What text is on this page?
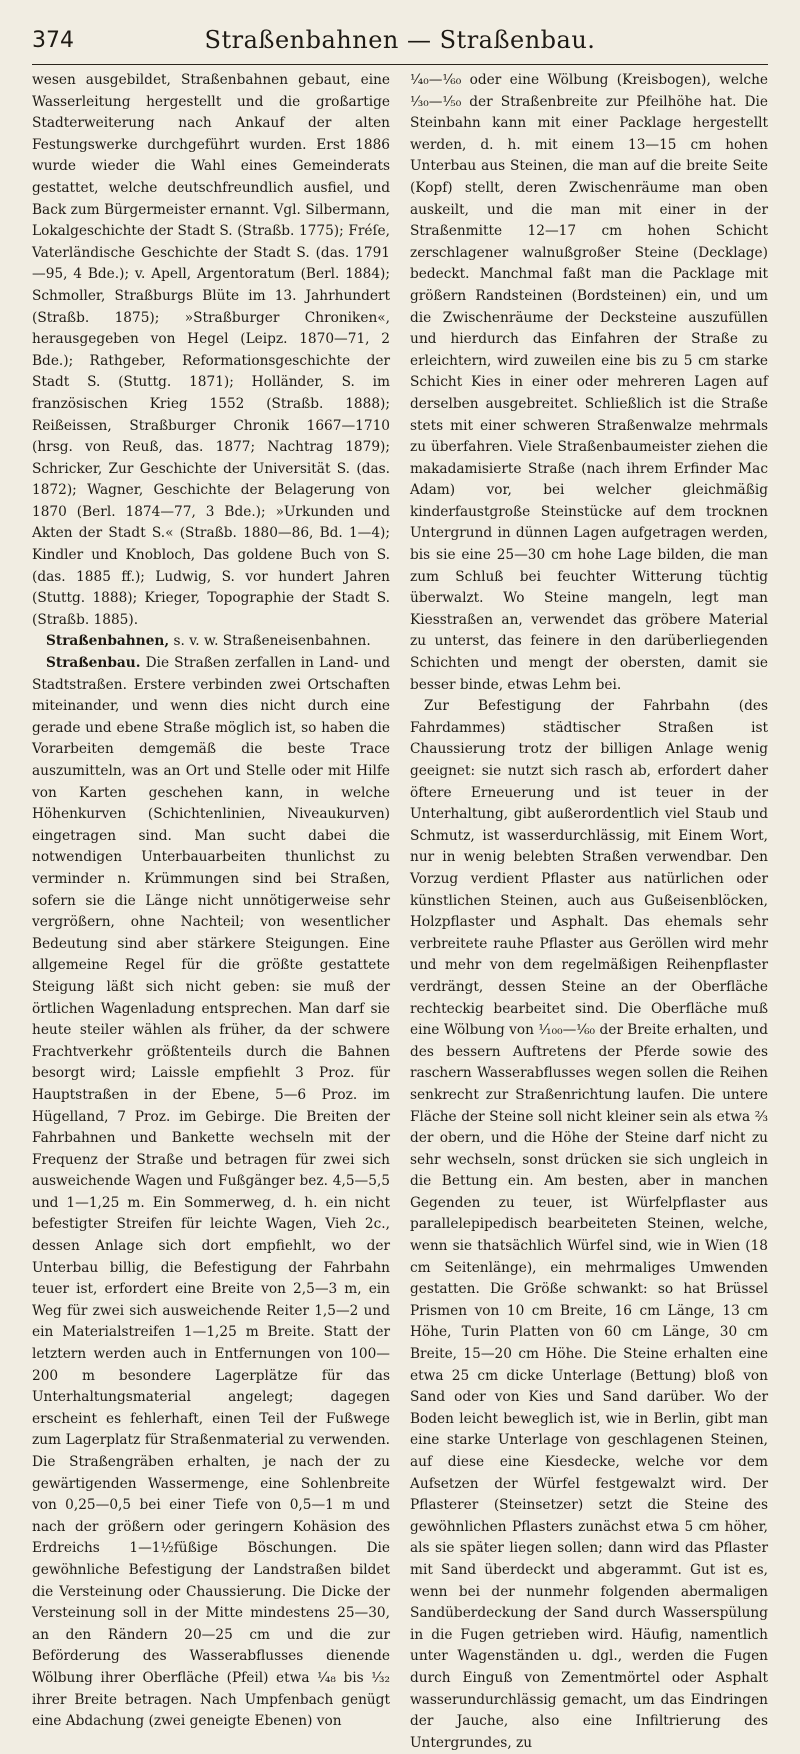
374	Straßenbahnen — Straßenbau.

wesen ausgebildet, Straßenbahnen gebaut, eine Wasserleitung hergestellt und die großartige Stadterweiterung nach Ankauf der alten Festungswerke durchgeführt wurden. Erst 1886 wurde wieder die Wahl eines Gemeinderats gestattet, welche deutschfreundlich ausfiel, und Back zum Bürgermeister ernannt. Vgl. Silbermann, Lokalgeschichte der Stadt S. (Straßb. 1775); Fréſe, Vaterländische Geschichte der Stadt S. (das. 1791—95, 4 Bde.); v. Apell, Argentoratum (Berl. 1884); Schmoller, Straßburgs Blüte im 13. Jahrhundert (Straßb. 1875); »Straßburger Chroniken«, herausgegeben von Hegel (Leipz. 1870—71, 2 Bde.); Rathgeber, Reformationsgeschichte der Stadt S. (Stuttg. 1871); Holländer, S. im französischen Krieg 1552 (Straßb. 1888); Reißeissen, Straßburger Chronik 1667—1710 (hrsg. von Reuß, das. 1877; Nachtrag 1879); Schricker, Zur Geschichte der Universität S. (das. 1872); Wagner, Geschichte der Belagerung von 1870 (Berl. 1874—77, 3 Bde.); »Urkunden und Akten der Stadt S.« (Straßb. 1880—86, Bd. 1—4); Kindler und Knobloch, Das goldene Buch von S. (das. 1885 ff.); Ludwig, S. vor hundert Jahren (Stuttg. 1888); Krieger, Topographie der Stadt S. (Straßb. 1885).

Straßenbahnen, s. v. w. Straßeneisenbahnen.

Straßenbau. Die Straßen zerfallen in Land- und Stadtstraßen. Erstere verbinden zwei Ortschaften miteinander, und wenn dies nicht durch eine gerade und ebene Straße möglich ist, so haben die Vorarbeiten demgemäß die beste Trace auszumitteln, was an Ort und Stelle oder mit Hilfe von Karten geschehen kann, in welche Höhenkurven (Schichtenlinien, Niveaukurven) eingetragen sind. Man sucht dabei die notwendigen Unterbauarbeiten thunlichst zu verminder n. Krümmungen sind bei Straßen, sofern sie die Länge nicht unnötigerweise sehr vergrößern, ohne Nachteil; von wesentlicher Bedeutung sind aber stärkere Steigungen. Eine allgemeine Regel für die größte gestattete Steigung läßt sich nicht geben: sie muß der örtlichen Wagenladung entsprechen. Man darf sie heute steiler wählen als früher, da der schwere Frachtverkehr größtenteils durch die Bahnen besorgt wird; Laissle empfiehlt 3 Proz. für Hauptstraßen in der Ebene, 5—6 Proz. im Hügelland, 7 Proz. im Gebirge. Die Breiten der Fahrbahnen und Bankette wechseln mit der Frequenz der Straße und betragen für zwei sich ausweichende Wagen und Fußgänger bez. 4,5—5,5 und 1—1,25 m. Ein Sommerweg, d. h. ein nicht befestigter Streifen für leichte Wagen, Vieh 2c., dessen Anlage sich dort empfiehlt, wo der Unterbau billig, die Befestigung der Fahrbahn teuer ist, erfordert eine Breite von 2,5—3 m, ein Weg für zwei sich ausweichende Reiter 1,5—2 und ein Materialstreifen 1—1,25 m Breite. Statt der letztern werden auch in Entfernungen von 100—200 m besondere Lagerplätze für das Unterhaltungsmaterial angelegt; dagegen erscheint es fehlerhaft, einen Teil der Fußwege zum Lagerplatz für Straßenmaterial zu verwenden. Die Straßengräben erhalten, je nach der zu gewärtigenden Wassermenge, eine Sohlenbreite von 0,25—0,5 bei einer Tiefe von 0,5—1 m und nach der größern oder geringern Kohäsion des Erdreichs 1—1½füßige Böschungen. Die gewöhnliche Befestigung der Landstraßen bildet die Versteinung oder Chaussierung. Die Dicke der Versteinung soll in der Mitte mindestens 25—30, an den Rändern 20—25 cm und die zur Beförderung des Wasserabflusses dienende Wölbung ihrer Oberfläche (Pfeil) etwa ¹⁄₄₈ bis ¹⁄₃₂ ihrer Breite betragen. Nach Umpfenbach genügt eine Abdachung (zwei geneigte Ebenen) von

¹⁄₄₀—¹⁄₆₀ oder eine Wölbung (Kreisbogen), welche ¹⁄₃₀—¹⁄₅₀ der Straßenbreite zur Pfeilhöhe hat. Die Steinbahn kann mit einer Packlage hergestellt werden, d. h. mit einem 13—15 cm hohen Unterbau aus Steinen, die man auf die breite Seite (Kopf) stellt, deren Zwischenräume man oben auskeilt, und die man mit einer in der Straßenmitte 12—17 cm hohen Schicht zerschlagener walnußgroßer Steine (Decklage) bedeckt. Manchmal faßt man die Packlage mit größern Randsteinen (Bordsteinen) ein, und um die Zwischenräume der Decksteine auszufüllen und hierdurch das Einfahren der Straße zu erleichtern, wird zuweilen eine bis zu 5 cm starke Schicht Kies in einer oder mehreren Lagen auf derselben ausgebreitet. Schließlich ist die Straße stets mit einer schweren Straßenwalze mehrmals zu überfahren. Viele Straßenbaumeister ziehen die makadamisierte Straße (nach ihrem Erfinder Mac Adam) vor, bei welcher gleichmäßig kinderfaustgroße Steinstücke auf dem trocknen Untergrund in dünnen Lagen aufgetragen werden, bis sie eine 25—30 cm hohe Lage bilden, die man zum Schluß bei feuchter Witterung tüchtig überwalzt. Wo Steine mangeln, legt man Kiesstraßen an, verwendet das gröbere Material zu unterst, das feinere in den darüberliegenden Schichten und mengt der obersten, damit sie besser binde, etwas Lehm bei.

Zur Befestigung der Fahrbahn (des Fahrdammes) städtischer Straßen ist Chaussierung trotz der billigen Anlage wenig geeignet: sie nutzt sich rasch ab, erfordert daher öftere Erneuerung und ist teuer in der Unterhaltung, gibt außerordentlich viel Staub und Schmutz, ist wasserdurchlässig, mit Einem Wort, nur in wenig belebten Straßen verwendbar. Den Vorzug verdient Pflaster aus natürlichen oder künstlichen Steinen, auch aus Gußeisenblöcken, Holzpflaster und Asphalt. Das ehemals sehr verbreitete rauhe Pflaster aus Geröllen wird mehr und mehr von dem regelmäßigen Reihenpflaster verdrängt, dessen Steine an der Oberfläche rechteckig bearbeitet sind. Die Oberfläche muß eine Wölbung von ¹⁄₁₀₀—¹⁄₆₀ der Breite erhalten, und des bessern Auftretens der Pferde sowie des raschern Wasserabflusses wegen sollen die Reihen senkrecht zur Straßenrichtung laufen. Die untere Fläche der Steine soll nicht kleiner sein als etwa ²⁄₃ der obern, und die Höhe der Steine darf nicht zu sehr wechseln, sonst drücken sie sich ungleich in die Bettung ein. Am besten, aber in manchen Gegenden zu teuer, ist Würfelpflaster aus parallelepipedisch bearbeiteten Steinen, welche, wenn sie thatsächlich Würfel sind, wie in Wien (18 cm Seitenlänge), ein mehrmaliges Umwenden gestatten. Die Größe schwankt: so hat Brüssel Prismen von 10 cm Breite, 16 cm Länge, 13 cm Höhe, Turin Platten von 60 cm Länge, 30 cm Breite, 15—20 cm Höhe. Die Steine erhalten eine etwa 25 cm dicke Unterlage (Bettung) bloß von Sand oder von Kies und Sand darüber. Wo der Boden leicht beweglich ist, wie in Berlin, gibt man eine starke Unterlage von geschlagenen Steinen, auf diese eine Kiesdecke, welche vor dem Aufsetzen der Würfel festgewalzt wird. Der Pflasterer (Steinsetzer) setzt die Steine des gewöhnlichen Pflasters zunächst etwa 5 cm höher, als sie später liegen sollen; dann wird das Pflaster mit Sand überdeckt und abgerammt. Gut ist es, wenn bei der nunmehr folgenden abermaligen Sandüberdeckung der Sand durch Wasserspülung in die Fugen getrieben wird. Häufig, namentlich unter Wagenständen u. dgl., werden die Fugen durch Einguß von Zementmörtel oder Asphalt wasserundurchlässig gemacht, um das Eindringen der Jauche, also eine Infiltrierung des Untergrundes, zu
